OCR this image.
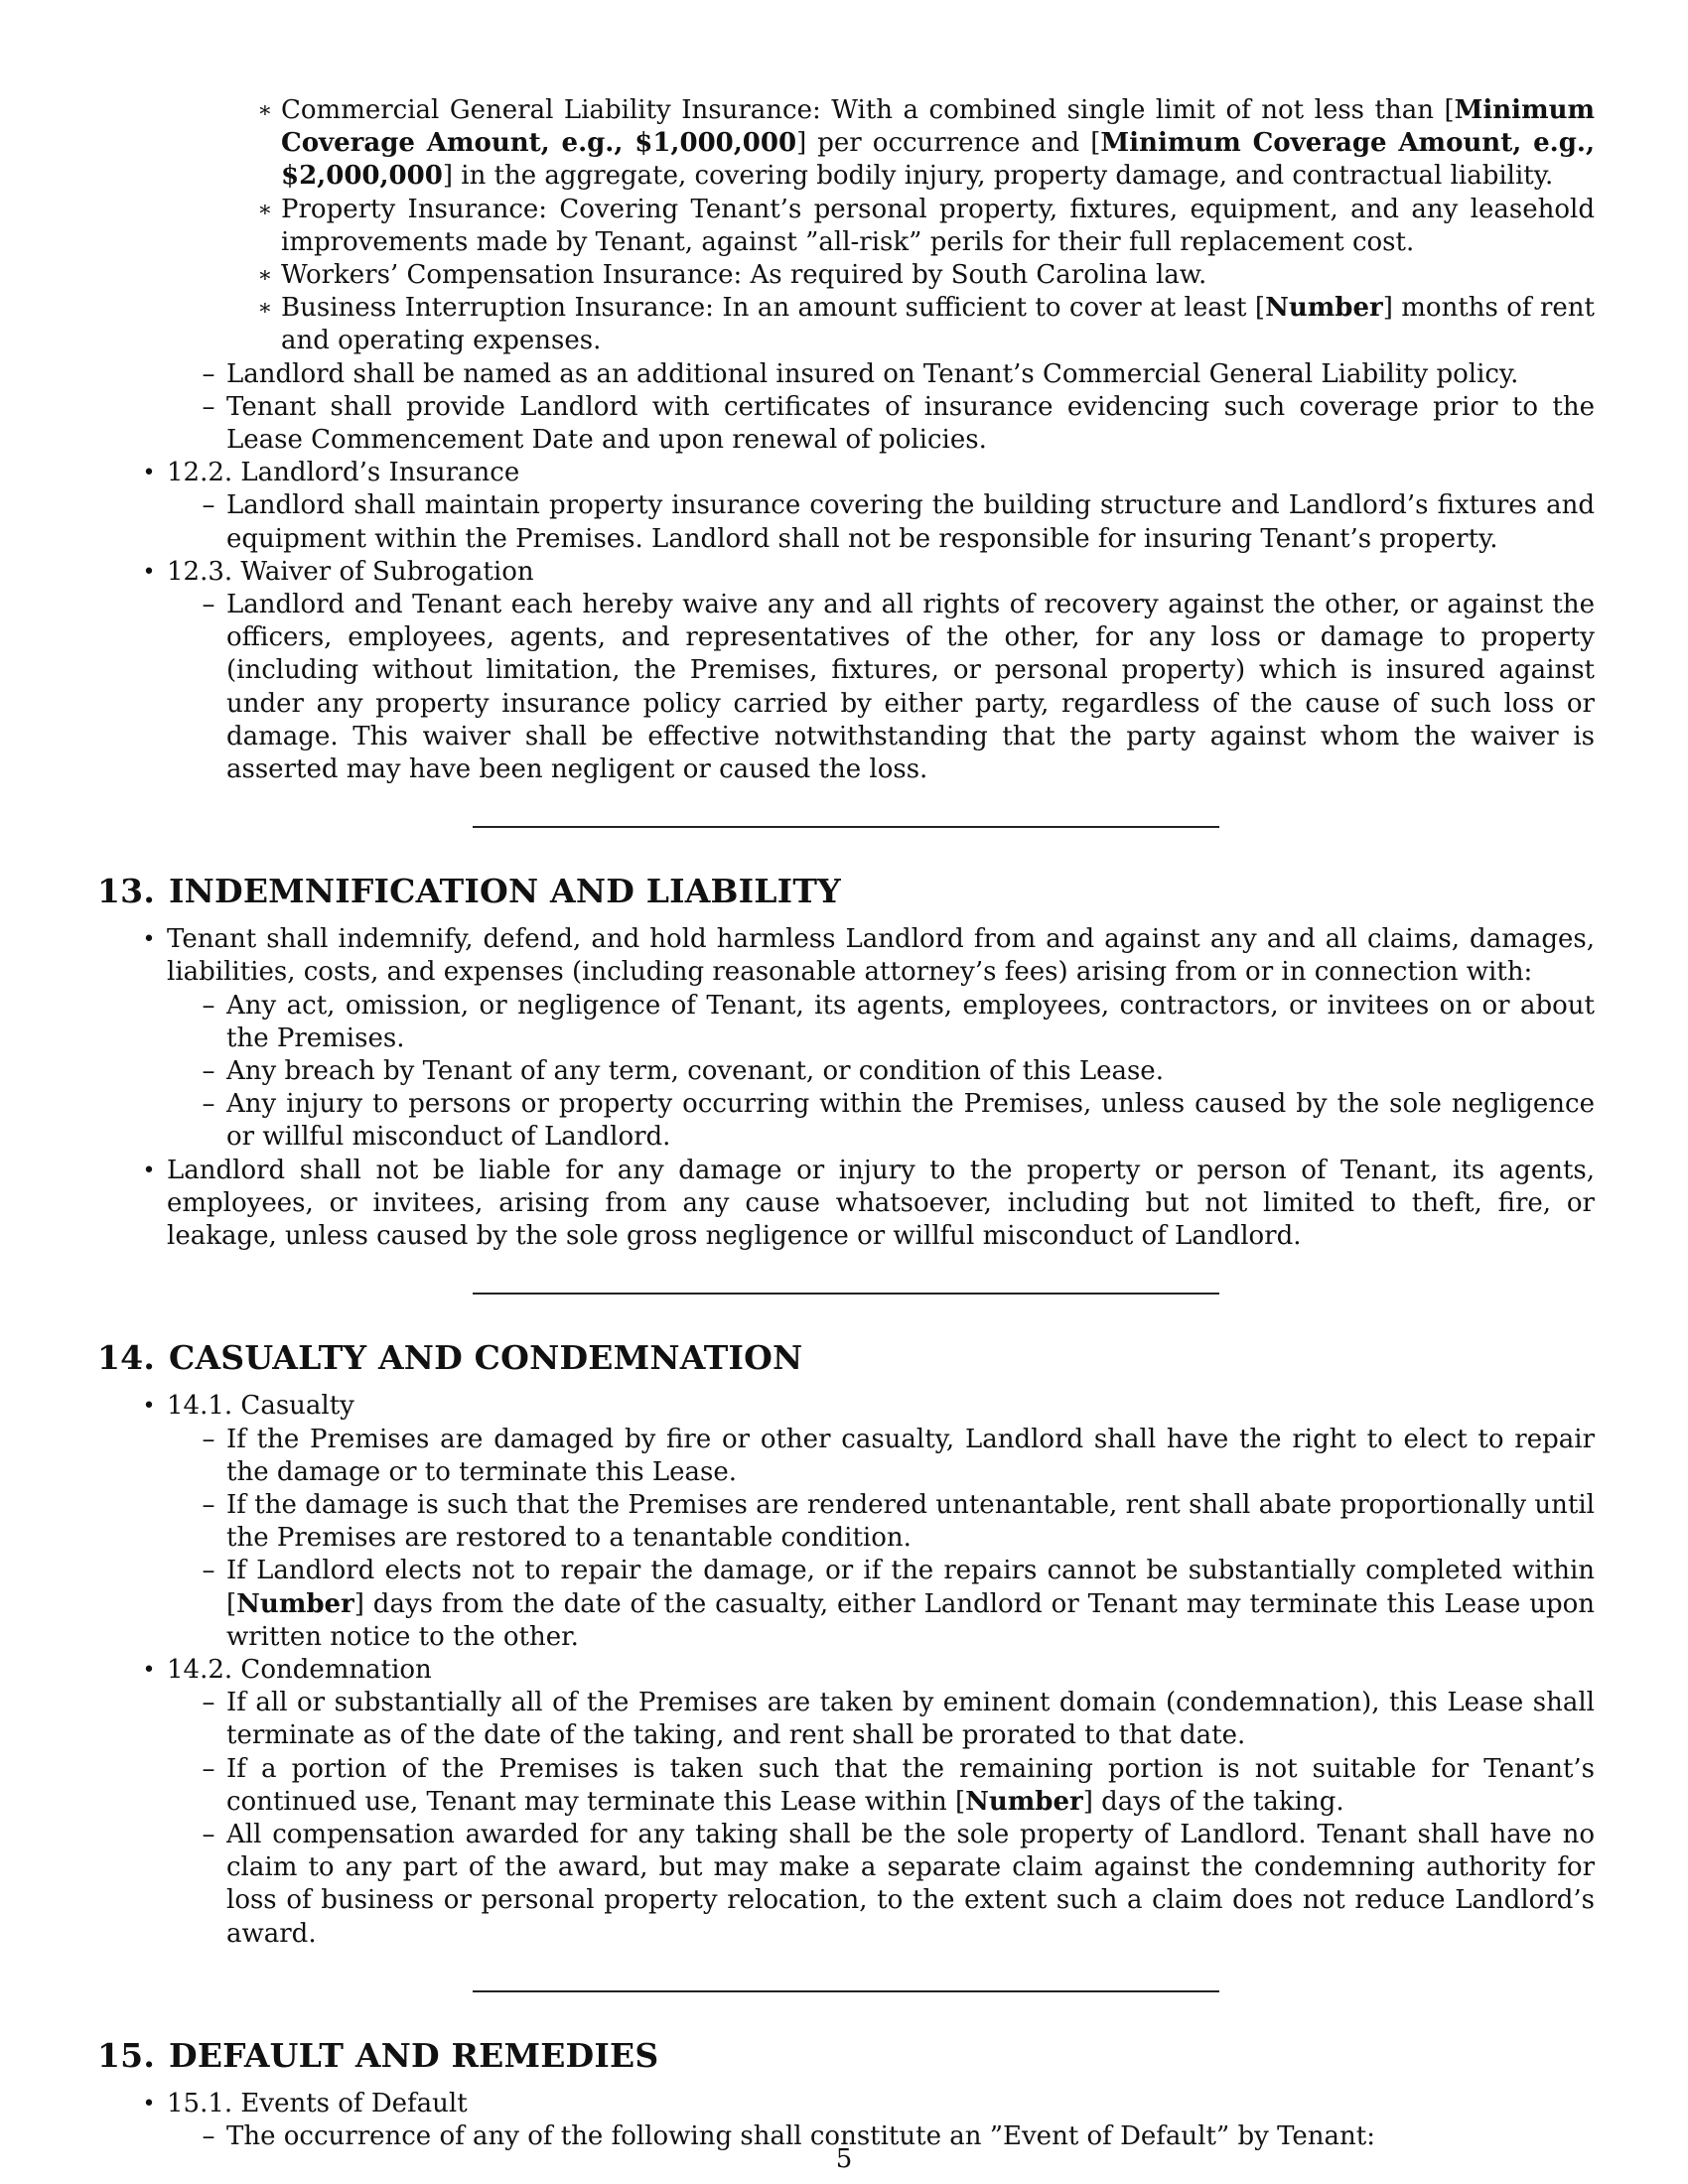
∗ Commercial General Liability Insurance: With a combined single limit of not less than [Minimum Coverage Amount, e.g., $1,000,000] per occurrence and [Minimum Coverage Amount, e.g., $2,000,000] in the aggregate, covering bodily injury, property damage, and contractual liability.
∗ Property Insurance: Covering Tenant’s personal property, fixtures, equipment, and any leasehold improvements made by Tenant, against ”all-risk” perils for their full replacement cost.
∗ Workers’ Compensation Insurance: As required by South Carolina law.
∗ Business Interruption Insurance: In an amount sufficient to cover at least [Number] months of rent and operating expenses.
– Landlord shall be named as an additional insured on Tenant’s Commercial General Liability policy.
– Tenant shall provide Landlord with certificates of insurance evidencing such coverage prior to the Lease Commencement Date and upon renewal of policies.
• 12.2. Landlord’s Insurance
– Landlord shall maintain property insurance covering the building structure and Landlord’s fixtures and equipment within the Premises. Landlord shall not be responsible for insuring Tenant’s property.
• 12.3. Waiver of Subrogation
– Landlord and Tenant each hereby waive any and all rights of recovery against the other, or against the officers, employees, agents, and representatives of the other, for any loss or damage to property (including without limitation, the Premises, fixtures, or personal property) which is insured against under any property insurance policy carried by either party, regardless of the cause of such loss or damage. This waiver shall be effective notwithstanding that the party against whom the waiver is asserted may have been negligent or caused the loss.
13. INDEMNIFICATION AND LIABILITY
• Tenant shall indemnify, defend, and hold harmless Landlord from and against any and all claims, damages, liabilities, costs, and expenses (including reasonable attorney’s fees) arising from or in connection with:
– Any act, omission, or negligence of Tenant, its agents, employees, contractors, or invitees on or about the Premises.
– Any breach by Tenant of any term, covenant, or condition of this Lease.
– Any injury to persons or property occurring within the Premises, unless caused by the sole negligence or willful misconduct of Landlord.
• Landlord shall not be liable for any damage or injury to the property or person of Tenant, its agents, employees, or invitees, arising from any cause whatsoever, including but not limited to theft, fire, or leakage, unless caused by the sole gross negligence or willful misconduct of Landlord.
14. CASUALTY AND CONDEMNATION
• 14.1. Casualty
– If the Premises are damaged by fire or other casualty, Landlord shall have the right to elect to repair the damage or to terminate this Lease.
– If the damage is such that the Premises are rendered untenantable, rent shall abate proportionally until the Premises are restored to a tenantable condition.
– If Landlord elects not to repair the damage, or if the repairs cannot be substantially completed within [Number] days from the date of the casualty, either Landlord or Tenant may terminate this Lease upon written notice to the other.
• 14.2. Condemnation
– If all or substantially all of the Premises are taken by eminent domain (condemnation), this Lease shall terminate as of the date of the taking, and rent shall be prorated to that date.
– If a portion of the Premises is taken such that the remaining portion is not suitable for Tenant’s continued use, Tenant may terminate this Lease within [Number] days of the taking.
– All compensation awarded for any taking shall be the sole property of Landlord. Tenant shall have no claim to any part of the award, but may make a separate claim against the condemning authority for loss of business or personal property relocation, to the extent such a claim does not reduce Landlord’s award.
15. DEFAULT AND REMEDIES
• 15.1. Events of Default
– The occurrence of any of the following shall constitute an ”Event of Default” by Tenant:
5
